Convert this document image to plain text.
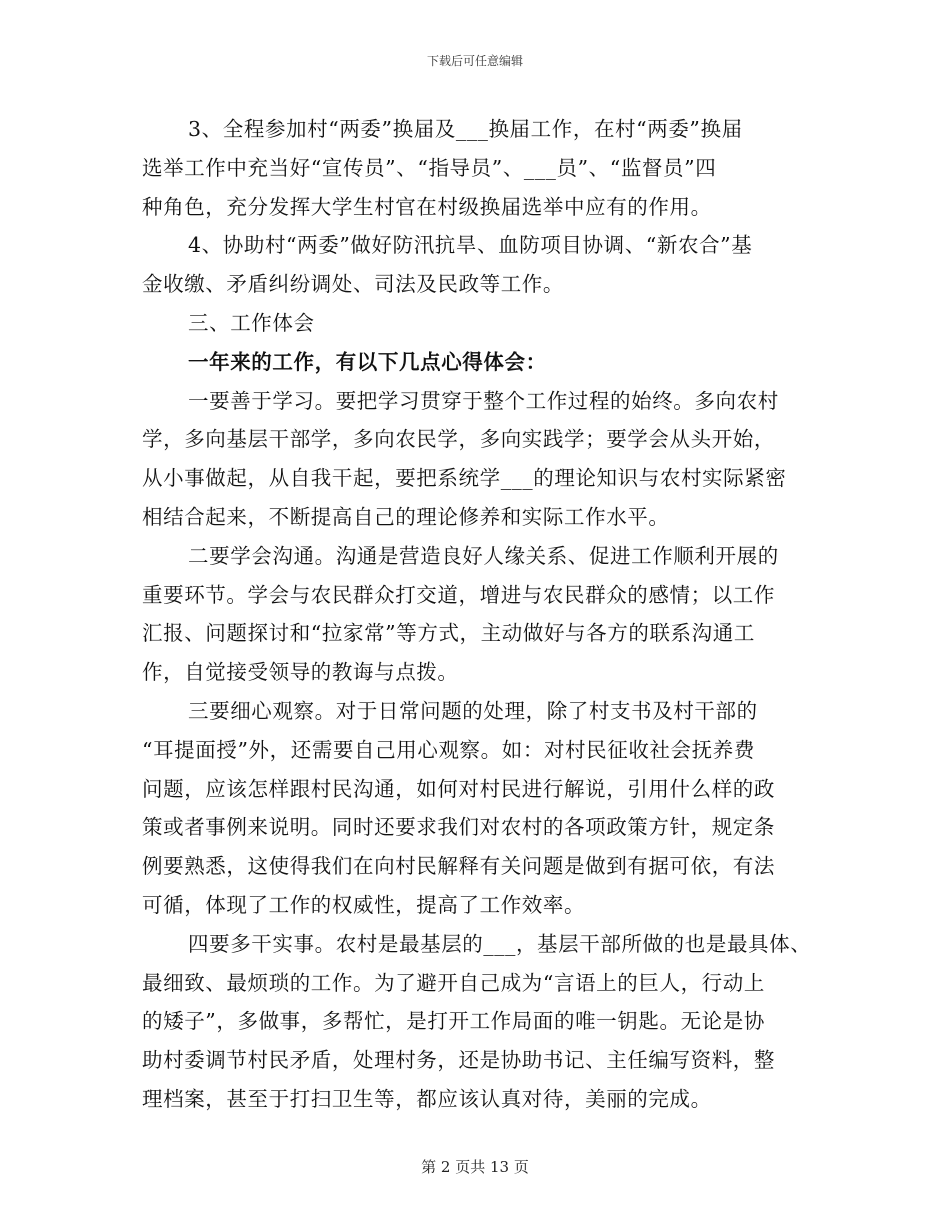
下载后可任意编辑
3、全程参加村“两委”换届及___换届工作，在村“两委”换届
选举工作中充当好“宣传员”、“指导员”、___员”、“监督员”四
种角色，充分发挥大学生村官在村级换届选举中应有的作用。
4、协助村“两委”做好防汛抗旱、血防项目协调、“新农合”基
金收缴、矛盾纠纷调处、司法及民政等工作。
三、工作体会
一年来的工作，有以下几点心得体会：
一要善于学习。要把学习贯穿于整个工作过程的始终。多向农村
学，多向基层干部学，多向农民学，多向实践学；要学会从头开始，
从小事做起，从自我干起，要把系统学___的理论知识与农村实际紧密
相结合起来，不断提高自己的理论修养和实际工作水平。
二要学会沟通。沟通是营造良好人缘关系、促进工作顺利开展的
重要环节。学会与农民群众打交道，增进与农民群众的感情；以工作
汇报、问题探讨和“拉家常”等方式，主动做好与各方的联系沟通工
作，自觉接受领导的教诲与点拨。
三要细心观察。对于日常问题的处理，除了村支书及村干部的
“耳提面授”外，还需要自己用心观察。如：对村民征收社会抚养费
问题，应该怎样跟村民沟通，如何对村民进行解说，引用什么样的政
策或者事例来说明。同时还要求我们对农村的各项政策方针，规定条
例要熟悉，这使得我们在向村民解释有关问题是做到有据可依，有法
可循，体现了工作的权威性，提高了工作效率。
四要多干实事。农村是最基层的___，基层干部所做的也是最具体、
最细致、最烦琐的工作。为了避开自己成为“言语上的巨人，行动上
的矮子”，多做事，多帮忙，是打开工作局面的唯一钥匙。无论是协
助村委调节村民矛盾，处理村务，还是协助书记、主任编写资料，整
理档案，甚至于打扫卫生等，都应该认真对待，美丽的完成。
第 2 页共 13 页
